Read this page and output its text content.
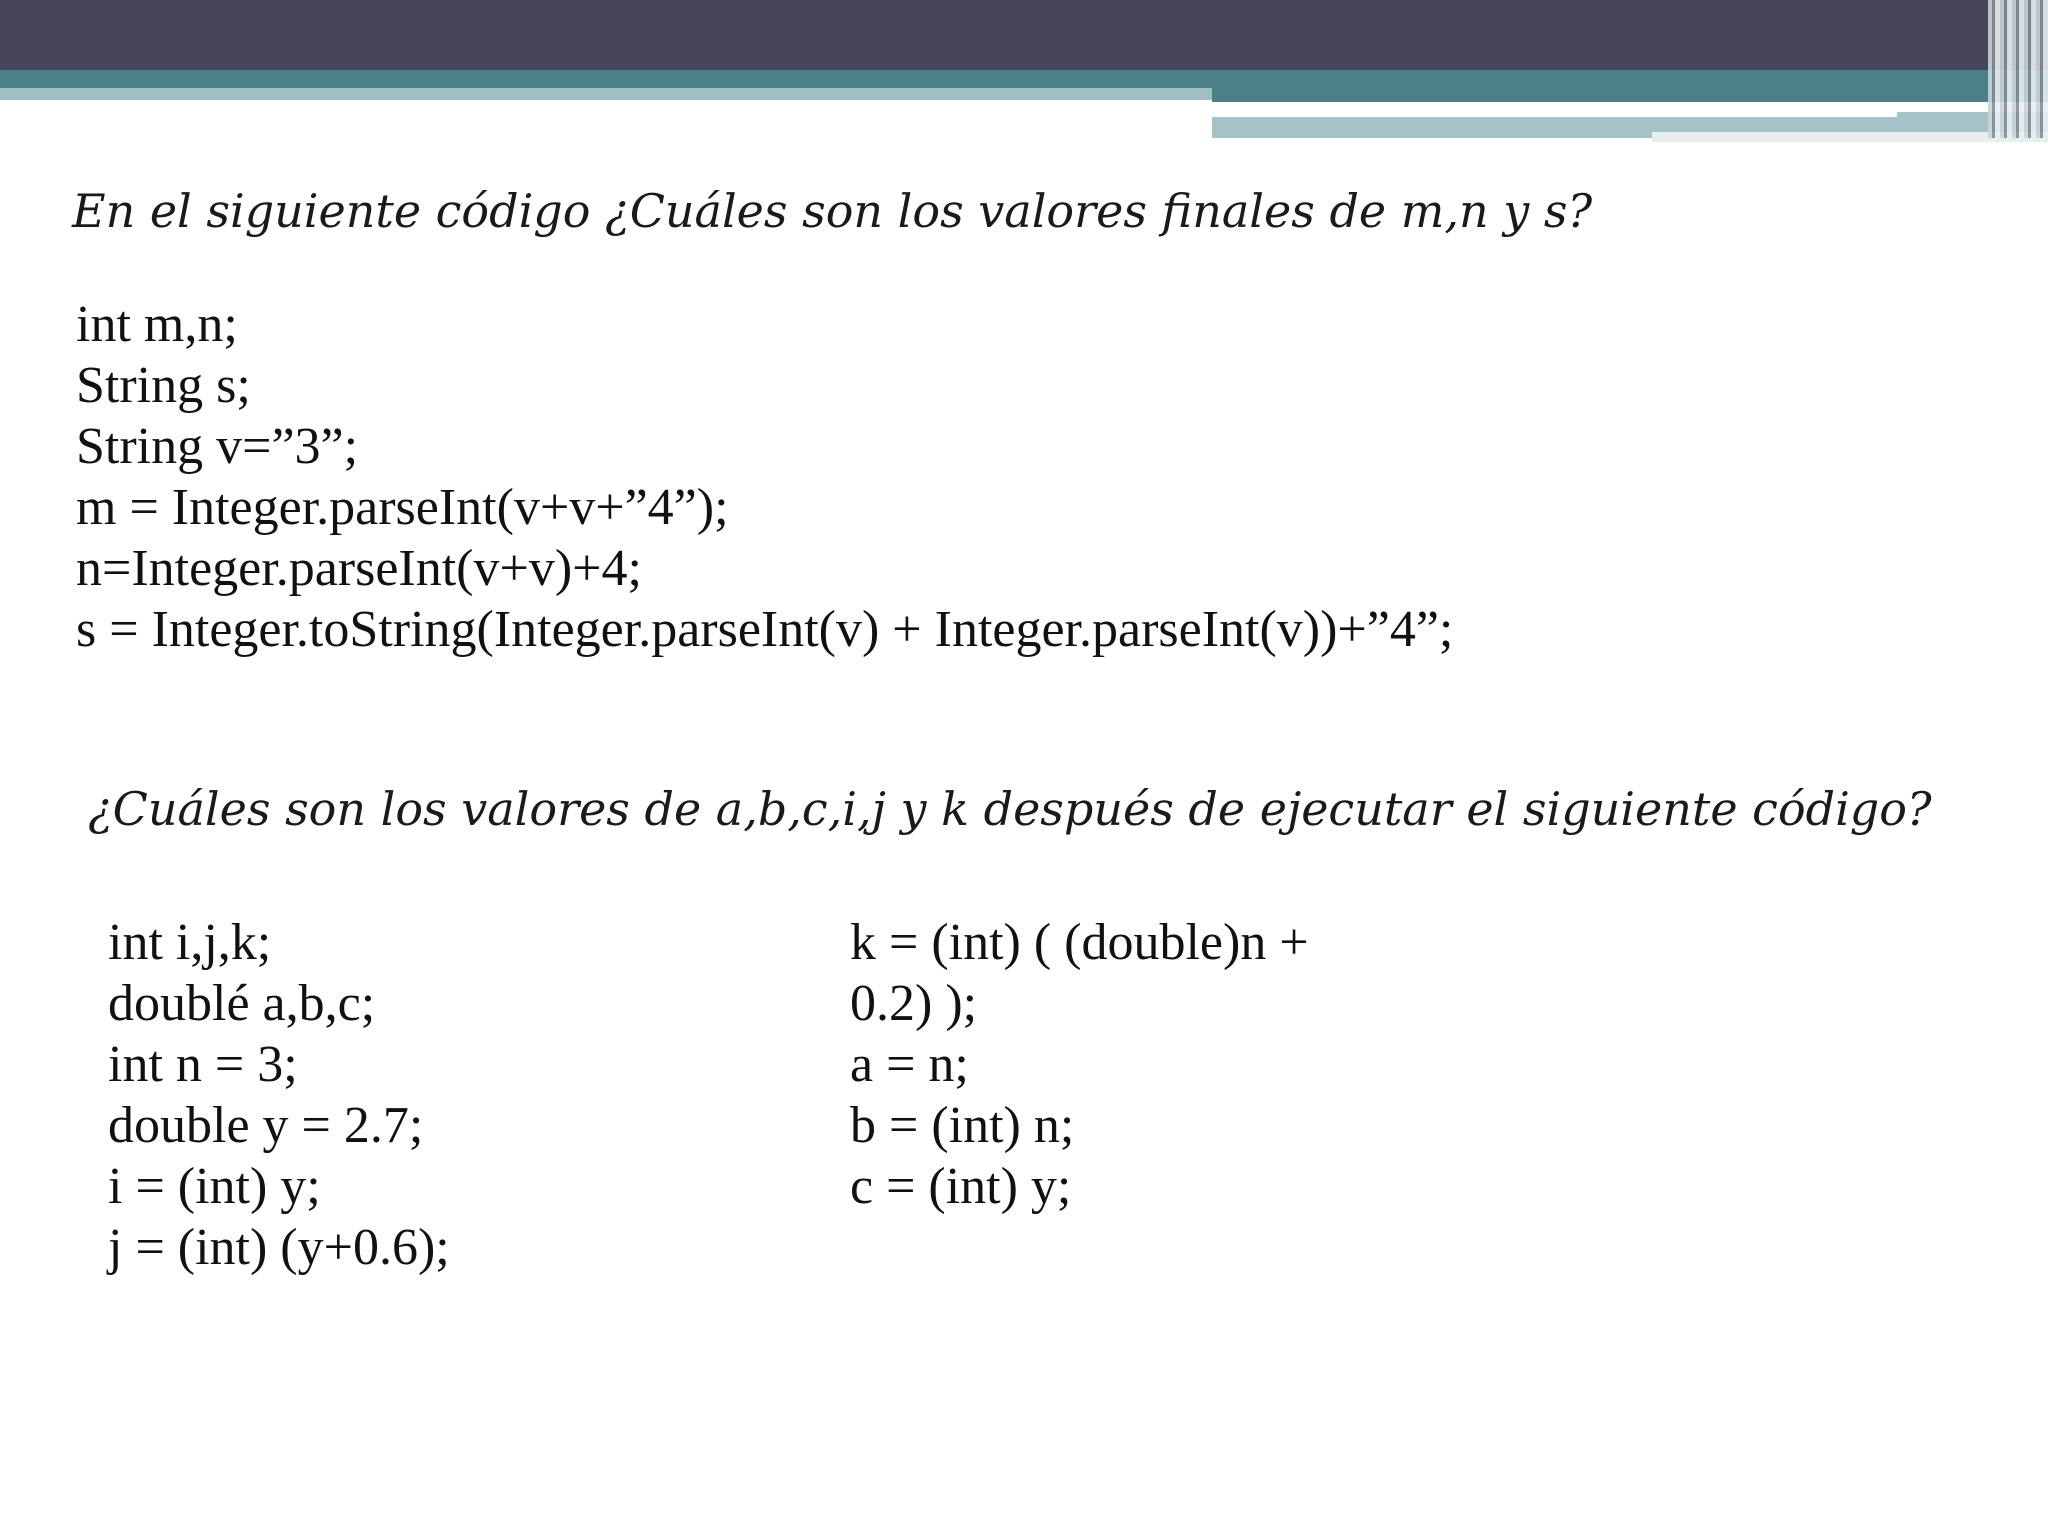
En el siguiente código ¿Cuáles son los valores finales de m,n y s?

int m,n;
String s;
String v=”3”;
m = Integer.parseInt(v+v+”4”);
n=Integer.parseInt(v+v)+4;
s = Integer.toString(Integer.parseInt(v) + Integer.parseInt(v))+”4”;

¿Cuáles son los valores de a,b,c,i,j y k después de ejecutar el siguiente código?

int i,j,k;
doublé a,b,c;
int n = 3;
double y = 2.7;
i = (int) y;
j = (int) (y+0.6);
k = (int) ( (double)n +
0.2) );
a = n;
b = (int) n;
c = (int) y;
